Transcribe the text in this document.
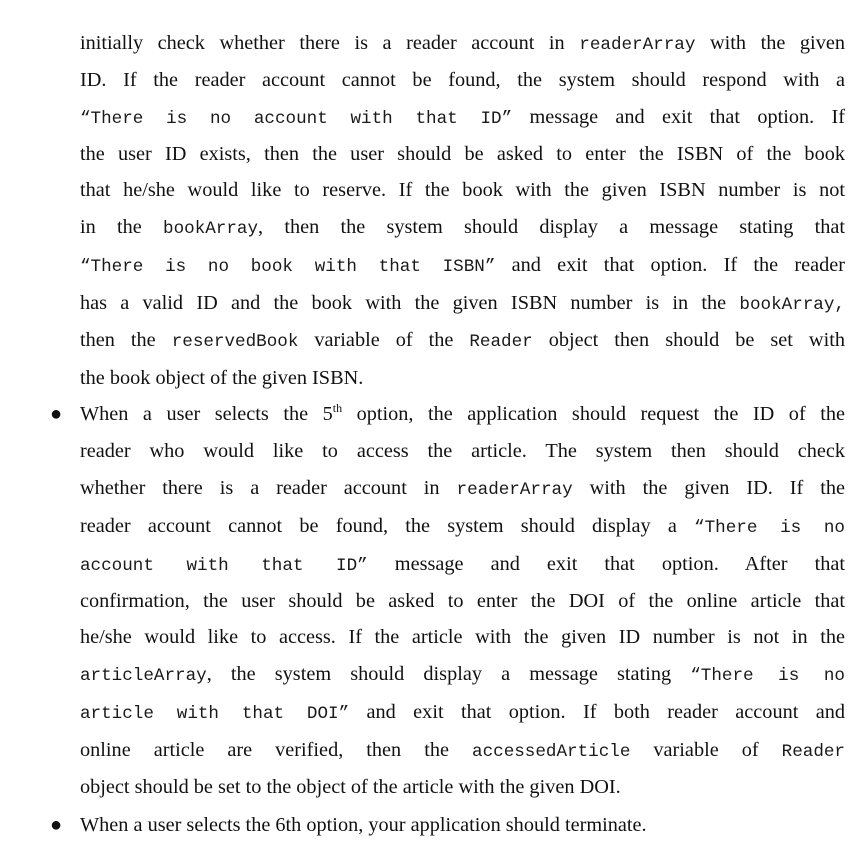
initially check whether there is a reader account in readerArray with the given
ID. If the reader account cannot be found, the system should respond with a
“There is no account with that ID” message and exit that option. If
the user ID exists, then the user should be asked to enter the ISBN of the book
that he/she would like to reserve. If the book with the given ISBN number is not
in the bookArray, then the system should display a message stating that
“There is no book with that ISBN” and exit that option. If the reader
has a valid ID and the book with the given ISBN number is in the bookArray,
then the reservedBook variable of the Reader object then should be set with
the book object of the given ISBN.
● When a user selects the 5th option, the application should request the ID of the
reader who would like to access the article. The system then should check
whether there is a reader account in readerArray with the given ID. If the
reader account cannot be found, the system should display a “There is no
account with that ID” message and exit that option. After that
confirmation, the user should be asked to enter the DOI of the online article that
he/she would like to access. If the article with the given ID number is not in the
articleArray, the system should display a message stating “There is no
article with that DOI” and exit that option. If both reader account and
online article are verified, then the accessedArticle variable of Reader
object should be set to the object of the article with the given DOI.
● When a user selects the 6th option, your application should terminate.
